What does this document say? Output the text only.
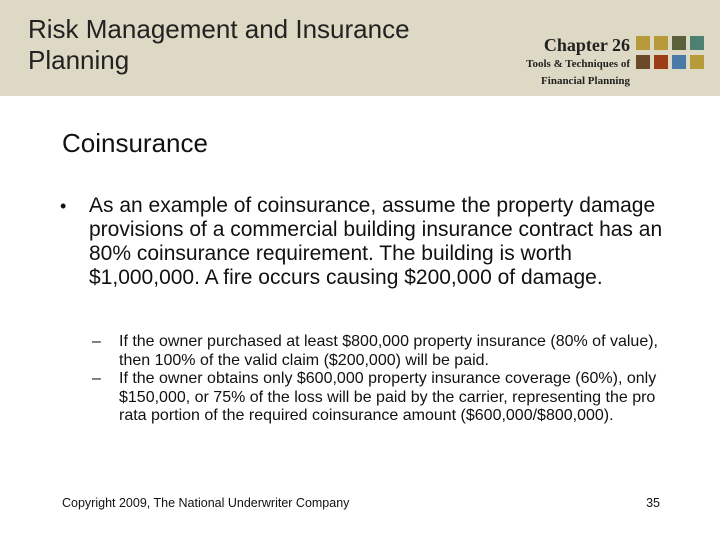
Risk Management and Insurance Planning	Chapter 26
Tools & Techniques of
Financial Planning
Coinsurance
• As an example of coinsurance, assume the property damage provisions of a commercial building insurance contract has an 80% coinsurance requirement. The building is worth $1,000,000. A fire occurs causing $200,000 of damage.
– If the owner purchased at least $800,000 property insurance (80% of value), then 100% of the valid claim ($200,000) will be paid.
– If the owner obtains only $600,000 property insurance coverage (60%), only $150,000, or 75% of the loss will be paid by the carrier, representing the pro rata portion of the required coinsurance amount ($600,000/$800,000).
Copyright 2009, The National Underwriter Company	35
